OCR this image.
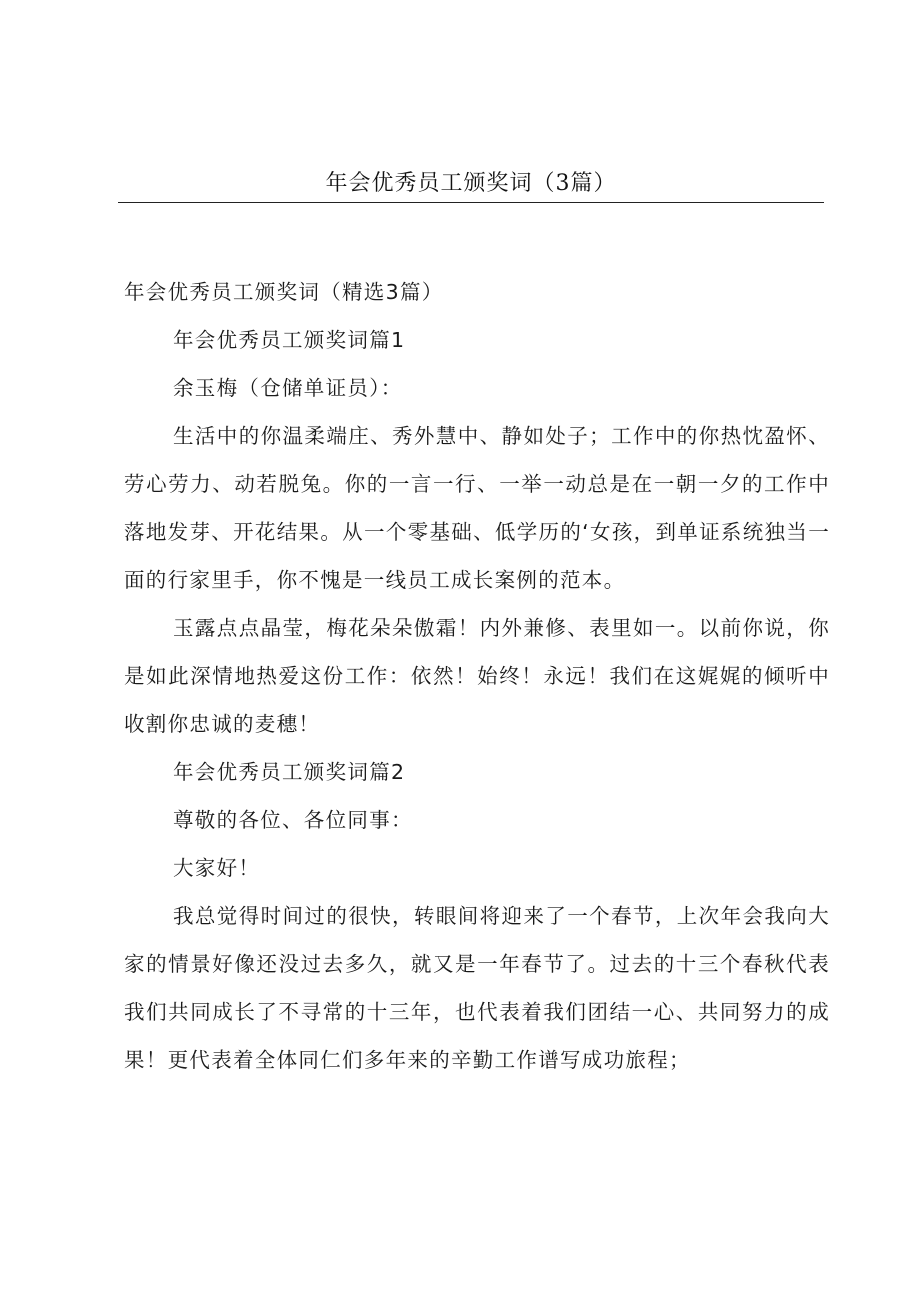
年会优秀员工颁奖词（3篇）

年会优秀员工颁奖词（精选3篇）

年会优秀员工颁奖词篇1

余玉梅（仓储单证员）：

生活中的你温柔端庄、秀外慧中、静如处子；工作中的你热忱盈怀、劳心劳力、动若脱兔。你的一言一行、一举一动总是在一朝一夕的工作中落地发芽、开花结果。从一个零基础、低学历的‘女孩，到单证系统独当一面的行家里手，你不愧是一线员工成长案例的范本。

玉露点点晶莹，梅花朵朵傲霜！内外兼修、表里如一。以前你说，你是如此深情地热爱这份工作：依然！始终！永远！我们在这娓娓的倾听中收割你忠诚的麦穗！

年会优秀员工颁奖词篇2

尊敬的各位、各位同事：

大家好！

我总觉得时间过的很快，转眼间将迎来了一个春节，上次年会我向大家的情景好像还没过去多久，就又是一年春节了。过去的十三个春秋代表我们共同成长了不寻常的十三年，也代表着我们团结一心、共同努力的成果！更代表着全体同仁们多年来的辛勤工作谱写成功旅程；
